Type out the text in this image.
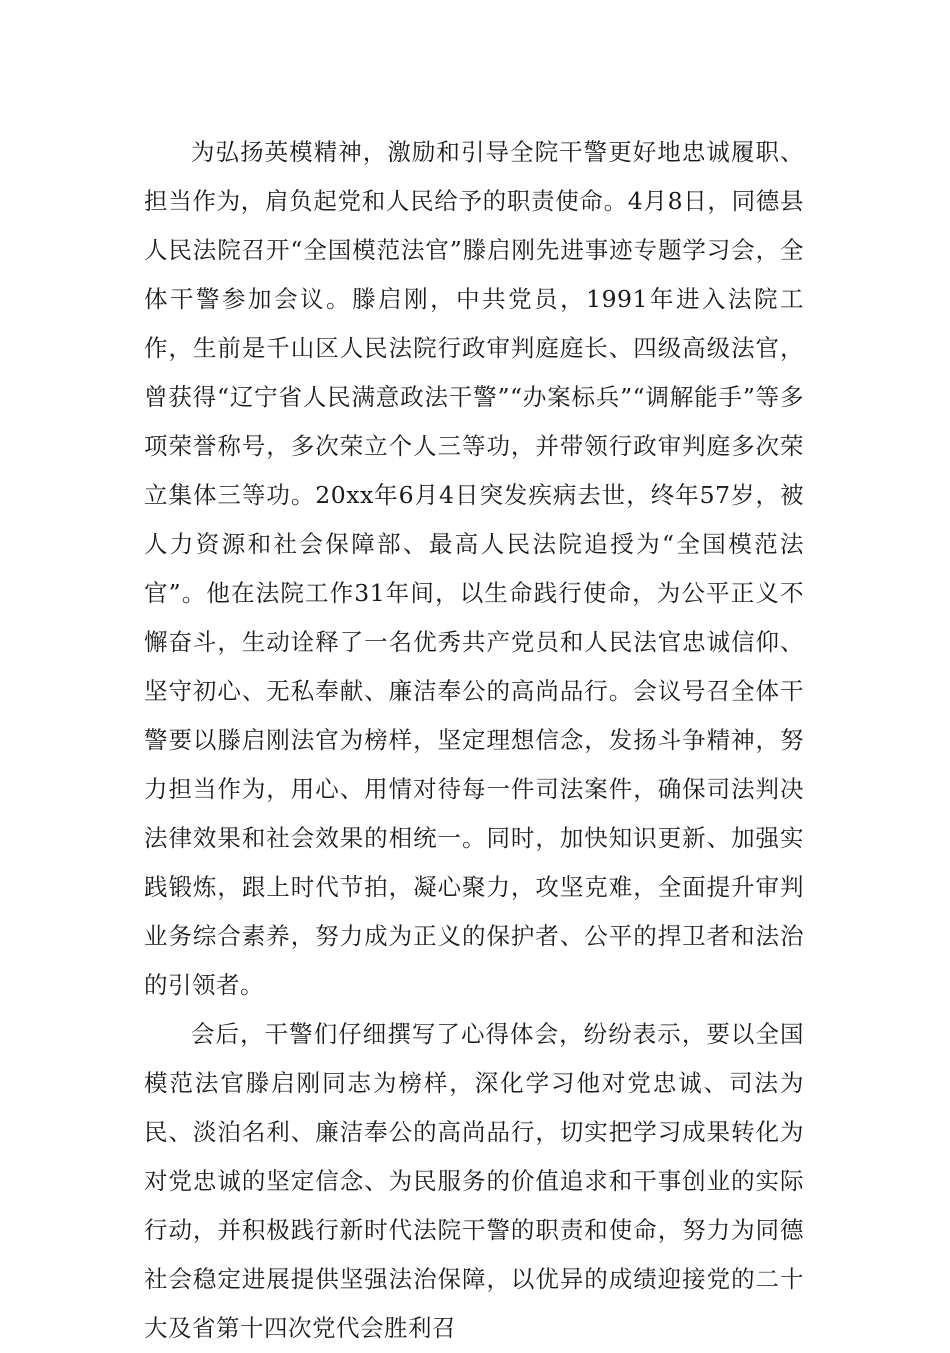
为弘扬英模精神，激励和引导全院干警更好地忠诚履职、担当作为，肩负起党和人民给予的职责使命。4月8日，同德县人民法院召开“全国模范法官”滕启刚先进事迹专题学习会，全体干警参加会议。滕启刚，中共党员，1991年进入法院工作，生前是千山区人民法院行政审判庭庭长、四级高级法官，曾获得“辽宁省人民满意政法干警”“办案标兵”“调解能手”等多项荣誉称号，多次荣立个人三等功，并带领行政审判庭多次荣立集体三等功。20xx年6月4日突发疾病去世，终年57岁，被人力资源和社会保障部、最高人民法院追授为“全国模范法官”。他在法院工作31年间，以生命践行使命，为公平正义不懈奋斗，生动诠释了一名优秀共产党员和人民法官忠诚信仰、坚守初心、无私奉献、廉洁奉公的高尚品行。会议号召全体干警要以滕启刚法官为榜样，坚定理想信念，发扬斗争精神，努力担当作为，用心、用情对待每一件司法案件，确保司法判决法律效果和社会效果的相统一。同时，加快知识更新、加强实践锻炼，跟上时代节拍，凝心聚力，攻坚克难，全面提升审判业务综合素养，努力成为正义的保护者、公平的捍卫者和法治的引领者。

会后，干警们仔细撰写了心得体会，纷纷表示，要以全国模范法官滕启刚同志为榜样，深化学习他对党忠诚、司法为民、淡泊名利、廉洁奉公的高尚品行，切实把学习成果转化为对党忠诚的坚定信念、为民服务的价值追求和干事创业的实际行动，并积极践行新时代法院干警的职责和使命，努力为同德社会稳定进展提供坚强法治保障，以优异的成绩迎接党的二十大及省第十四次党代会胜利召
